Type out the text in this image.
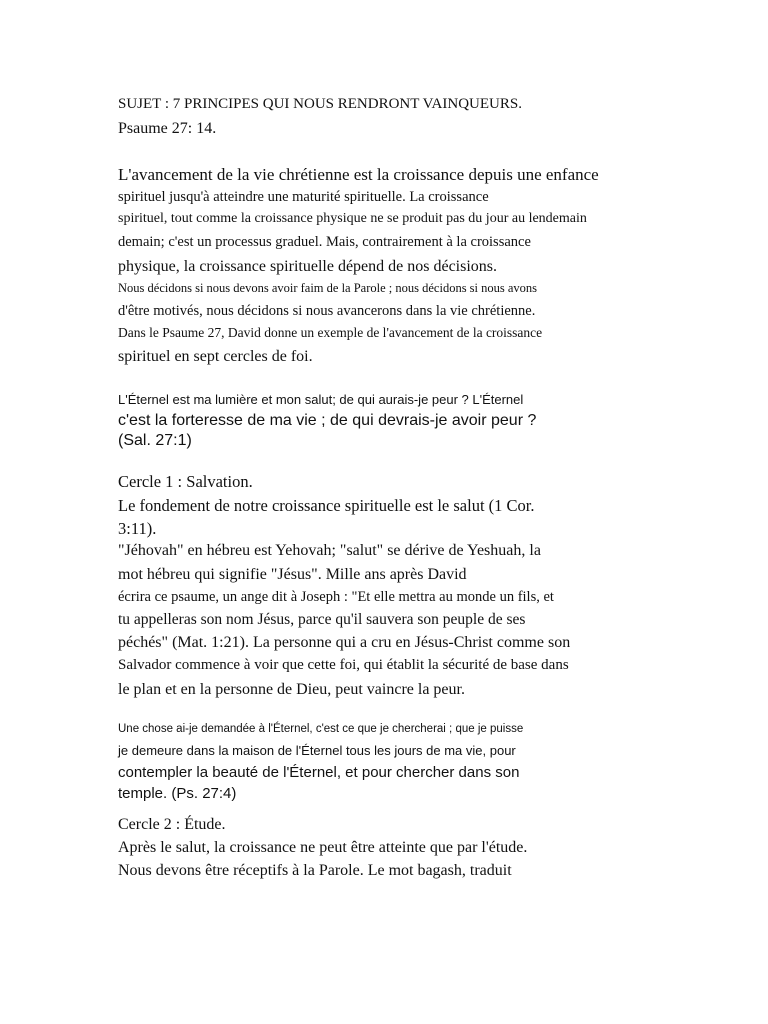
SUJET : 7 PRINCIPES QUI NOUS RENDRONT VAINQUEURS.

Psaume 27: 14.

L'avancement de la vie chrétienne est la croissance depuis une enfance

spirituel jusqu'à atteindre une maturité spirituelle. La croissance

spirituel, tout comme la croissance physique ne se produit pas du jour au lendemain

demain; c'est un processus graduel. Mais, contrairement à la croissance

physique, la croissance spirituelle dépend de nos décisions.

Nous décidons si nous devons avoir faim de la Parole ; nous décidons si nous avons

d'être motivés, nous décidons si nous avancerons dans la vie chrétienne.

Dans le Psaume 27, David donne un exemple de l'avancement de la croissance

spirituel en sept cercles de foi.

L'Éternel est ma lumière et mon salut; de qui aurais-je peur ? L'Éternel

c'est la forteresse de ma vie ; de qui devrais-je avoir peur ?

(Sal. 27:1)

Cercle 1 : Salvation.

Le fondement de notre croissance spirituelle est le salut (1 Cor.

3:11).

"Jéhovah" en hébreu est Yehovah; "salut" se dérive de Yeshuah, la

mot hébreu qui signifie "Jésus". Mille ans après David

écrira ce psaume, un ange dit à Joseph : "Et elle mettra au monde un fils, et

tu appelleras son nom Jésus, parce qu'il sauvera son peuple de ses

péchés" (Mat. 1:21). La personne qui a cru en Jésus-Christ comme son

Salvador commence à voir que cette foi, qui établit la sécurité de base dans

le plan et en la personne de Dieu, peut vaincre la peur.

Une chose ai-je demandée à l'Éternel, c'est ce que je chercherai ; que je puisse

je demeure dans la maison de l'Éternel tous les jours de ma vie, pour

contempler la beauté de l'Éternel, et pour chercher dans son

temple. (Ps. 27:4)

Cercle 2 : Étude.

Après le salut, la croissance ne peut être atteinte que par l'étude.

Nous devons être réceptifs à la Parole. Le mot bagash, traduit
